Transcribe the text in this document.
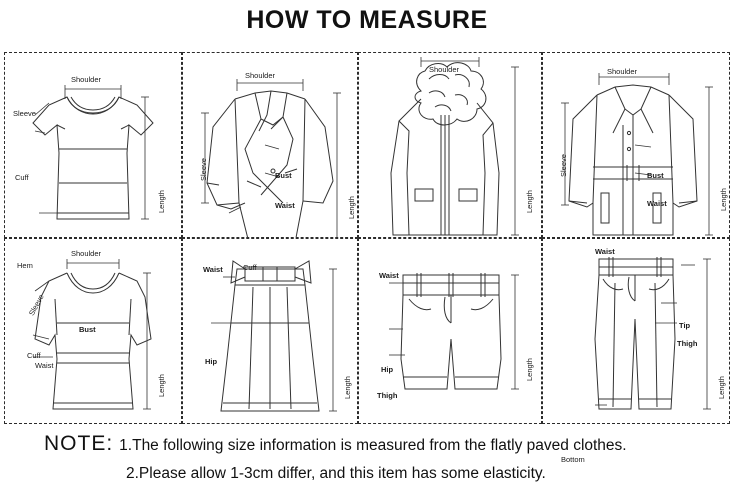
HOW TO MEASURE
Shoulder
Sleeve
Cuff
Hem
Length
Shoulder
Sleeve	Bust
Waist
Cuff
Length
Shoulder
Length
Shoulder
Sleeve	Bust
Waist	Length
Shoulder
Sleeve
Bust
Cuff
Waist
Length
Waist
Hip
Length
Waist
Hip
Thigh
Length
Waist
Tip
Thigh
Bottom
Length
NOTE: 1.The following size information is measured from the flatly paved clothes.
2.Please allow 1-3cm differ, and this item has some elasticity.
